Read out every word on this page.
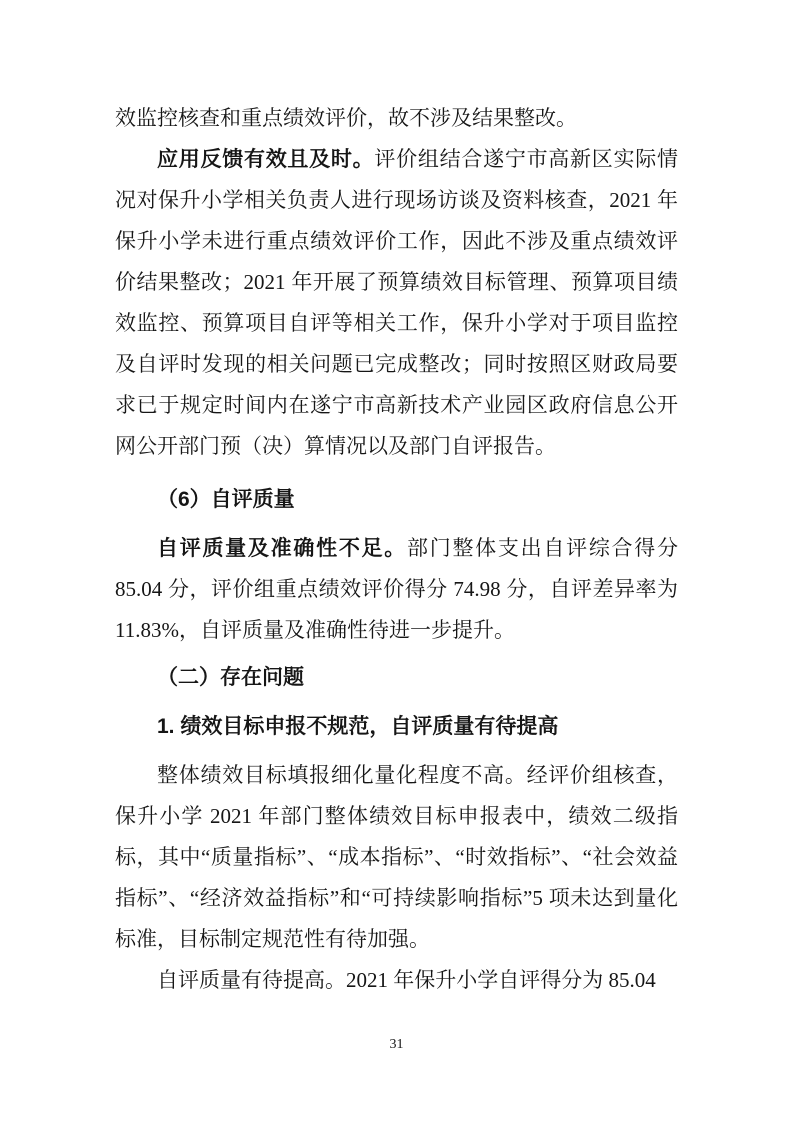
效监控核查和重点绩效评价，故不涉及结果整改。

应用反馈有效且及时。评价组结合遂宁市高新区实际情况对保升小学相关负责人进行现场访谈及资料核查，2021 年保升小学未进行重点绩效评价工作，因此不涉及重点绩效评价结果整改；2021 年开展了预算绩效目标管理、预算项目绩效监控、预算项目自评等相关工作，保升小学对于项目监控及自评时发现的相关问题已完成整改；同时按照区财政局要求已于规定时间内在遂宁市高新技术产业园区政府信息公开网公开部门预（决）算情况以及部门自评报告。

（6）自评质量

自评质量及准确性不足。部门整体支出自评综合得分 85.04 分，评价组重点绩效评价得分 74.98 分，自评差异率为 11.83%，自评质量及准确性待进一步提升。

（二）存在问题
1. 绩效目标申报不规范，自评质量有待提高

整体绩效目标填报细化量化程度不高。经评价组核查，保升小学 2021 年部门整体绩效目标申报表中，绩效二级指标，其中“质量指标”、“成本指标”、“时效指标”、“社会效益指标”、“经济效益指标”和“可持续影响指标”5 项未达到量化标准，目标制定规范性有待加强。

自评质量有待提高。2021 年保升小学自评得分为 85.04

31
